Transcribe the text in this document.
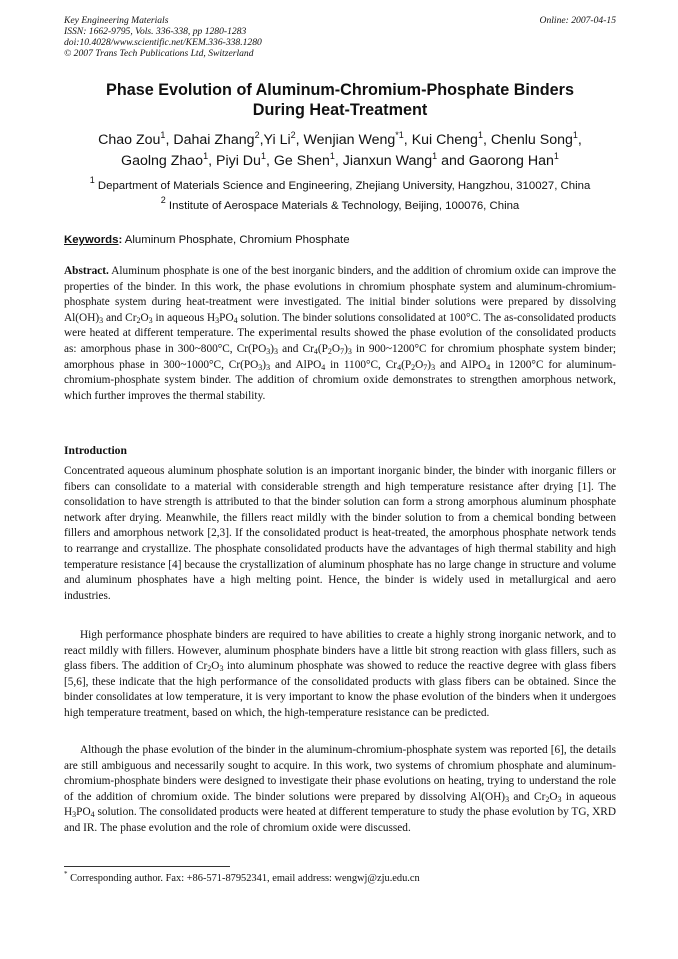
Key Engineering Materials	Online: 2007-04-15
ISSN: 1662-9795, Vols. 336-338, pp 1280-1283
doi:10.4028/www.scientific.net/KEM.336-338.1280
© 2007 Trans Tech Publications Ltd, Switzerland
Phase Evolution of Aluminum-Chromium-Phosphate Binders
During Heat-Treatment
Chao Zou$^1$, Dahai Zhang$^2$,Yi Li$^2$, Wenjian Weng$^{*1}$, Kui Cheng$^1$, Chenlu Song$^1$,
Gaolng Zhao$^1$, Piyi Du$^1$, Ge Shen$^1$, Jianxun Wang$^1$ and Gaorong Han$^1$
$^1$ Department of Materials Science and Engineering, Zhejiang University, Hangzhou, 310027, China
$^2$ Institute of Aerospace Materials & Technology, Beijing, 100076, China
Keywords: Aluminum Phosphate, Chromium Phosphate

Abstract. Aluminum phosphate is one of the best inorganic binders, and the addition of chromium oxide can improve the properties of the binder. In this work, the phase evolutions in chromium phosphate system and aluminum-chromium-phosphate system during heat-treatment were investigated. The initial binder solutions were prepared by dissolving $Al(OH)_3$ and $Cr_2O_3$ in aqueous $H_3PO_4$ solution. The binder solutions consolidated at 100°C. The as-consolidated products were heated at different temperature. The experimental results showed the phase evolution of the consolidated products as: amorphous phase in 300~800°C, $Cr(PO_3)_3$ and $Cr_4(P_2O_7)_3$ in 900~1200°C for chromium phosphate system binder; amorphous phase in 300~1000°C, $Cr(PO_3)_3$ and AlPO$_4$ in 1100°C, $Cr_4(P_2O_7)_3$ and AlPO$_4$ in 1200°C for aluminum-chromium-phosphate system binder. The addition of chromium oxide demonstrates to strengthen amorphous network, which further improves the thermal stability.

Introduction

Concentrated aqueous aluminum phosphate solution is an important inorganic binder, the binder with inorganic fillers or fibers can consolidate to a material with considerable strength and high temperature resistance after drying [1]. The consolidation to have strength is attributed to that the binder solution can form a strong amorphous aluminum phosphate network after drying. Meanwhile, the fillers react mildly with the binder solution to from a chemical bonding between fillers and amorphous network [2,3]. If the consolidated product is heat-treated, the amorphous phosphate network tends to rearrange and crystallize. The phosphate consolidated products have the advantages of high thermal stability and high temperature resistance [4] because the crystallization of aluminum phosphate has no large change in structure and volume and aluminum phosphates have a high melting point. Hence, the binder is widely used in metallurgical and aero industries.

High performance phosphate binders are required to have abilities to create a highly strong inorganic network, and to react mildly with fillers. However, aluminum phosphate binders have a little bit strong reaction with glass fillers, such as glass fibers. The addition of $Cr_2O_3$ into aluminum phosphate was showed to reduce the reactive degree with glass fibers [5,6], these indicate that the high performance of the consolidated products with glass fibers can be obtained. Since the binder consolidates at low temperature, it is very important to know the phase evolution of the binders when it undergoes high temperature treatment, based on which, the high-temperature resistance can be predicted.

Although the phase evolution of the binder in the aluminum-chromium-phosphate system was reported [6], the details are still ambiguous and necessarily sought to acquire. In this work, two systems of chromium phosphate and aluminum-chromium-phosphate binders were designed to investigate their phase evolutions on heating, trying to understand the role of the addition of chromium oxide. The binder solutions were prepared by dissolving $Al(OH)_3$ and $Cr_2O_3$ in aqueous $H_3PO_4$ solution. The consolidated products were heated at different temperature to study the phase evolution by TG, XRD and IR. The phase evolution and the role of chromium oxide were discussed.

* Corresponding author. Fax: +86-571-87952341, email address: wengwj@zju.edu.cn
